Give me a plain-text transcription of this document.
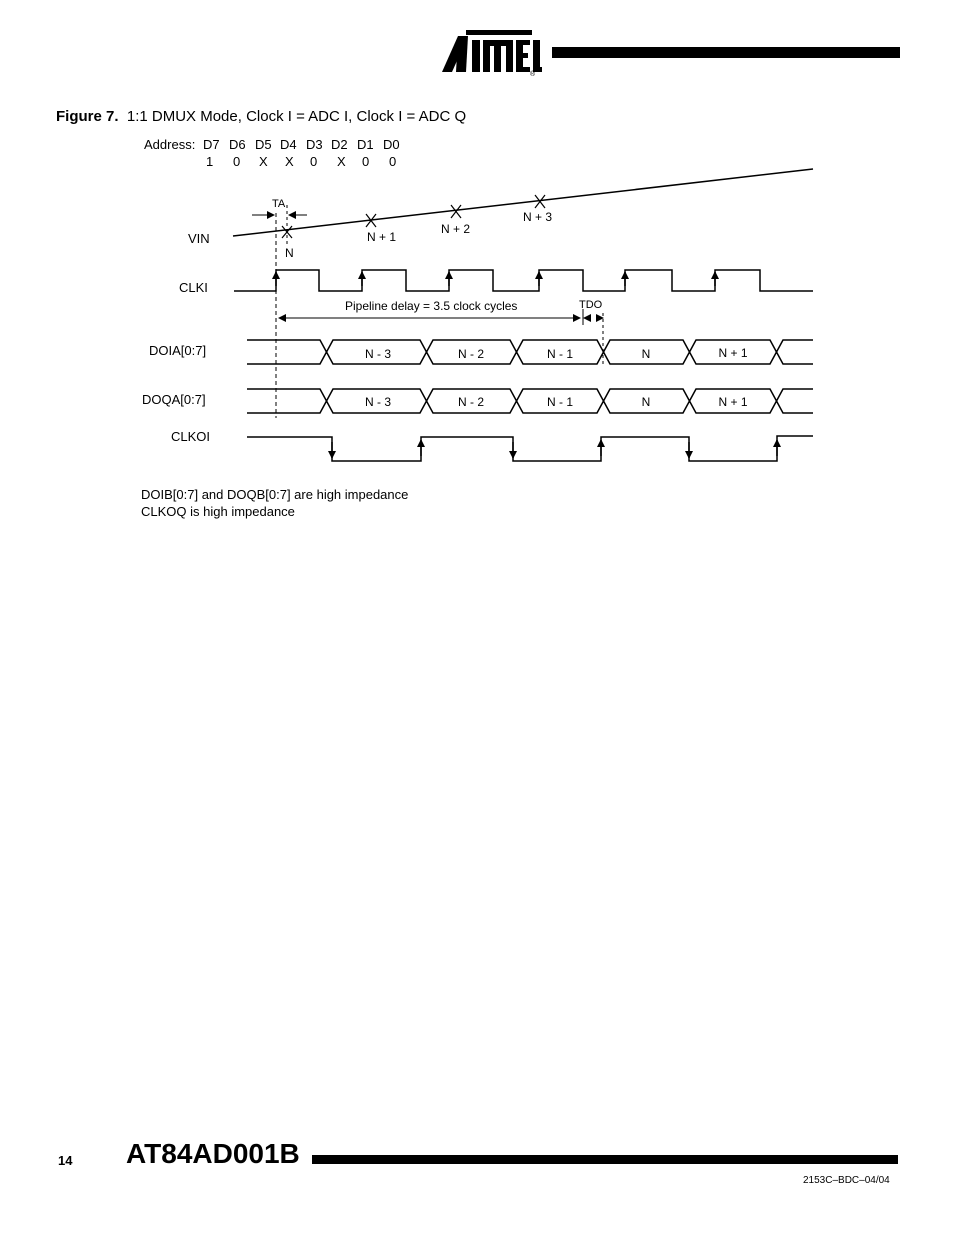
®
Figure 7. 1:1 DMUX Mode, Clock I = ADC I, Clock I = ADC Q
Address: D7 D6 D5 D4 D3 D2 D1 D0
1 0 X X 0 X 0 0
VIN
CLKI
DOIA[0:7]
DOQA[0:7]
CLKOI
N
N + 1
N + 2
N + 3
TA
Pipeline delay = 3.5 clock cycles	TDO
N - 3	N - 2	N - 1	N	N + 1
N - 3	N - 2	N - 1	N	N + 1
DOIB[0:7] and DOQB[0:7] are high impedance
CLKOQ is high impedance
14 AT84AD001B
2153C–BDC–04/04
